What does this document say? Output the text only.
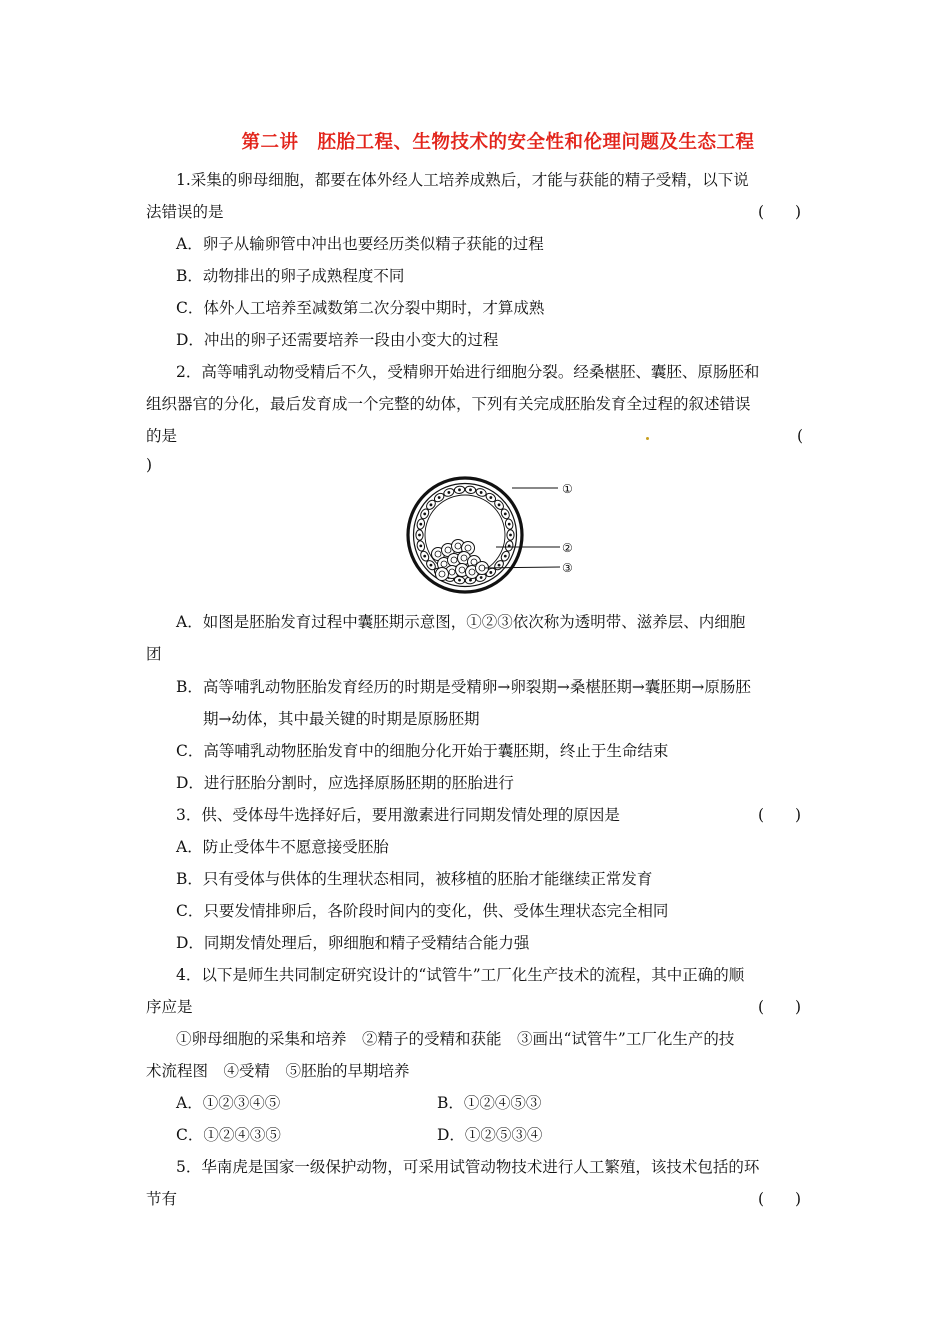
第二讲　胚胎工程、生物技术的安全性和伦理问题及生态工程
1.采集的卵母细胞，都要在体外经人工培养成熟后，才能与获能的精子受精，以下说
法错误的是	(　　)
A．卵子从输卵管中冲出也要经历类似精子获能的过程
B．动物排出的卵子成熟程度不同
C．体外人工培养至减数第二次分裂中期时，才算成熟
D．冲出的卵子还需要培养一段由小变大的过程
2．高等哺乳动物受精后不久，受精卵开始进行细胞分裂。经桑椹胚、囊胚、原肠胚和
组织器官的分化，最后发育成一个完整的幼体，下列有关完成胚胎发育全过程的叙述错误
的是	(
)
①
②
③
A．如图是胚胎发育过程中囊胚期示意图，①②③依次称为透明带、滋养层、内细胞
团
B．高等哺乳动物胚胎发育经历的时期是受精卵→卵裂期→桑椹胚期→囊胚期→原肠胚
期→幼体，其中最关键的时期是原肠胚期
C．高等哺乳动物胚胎发育中的细胞分化开始于囊胚期，终止于生命结束
D．进行胚胎分割时，应选择原肠胚期的胚胎进行
3．供、受体母牛选择好后，要用激素进行同期发情处理的原因是	(　　)
A．防止受体牛不愿意接受胚胎
B．只有受体与供体的生理状态相同，被移植的胚胎才能继续正常发育
C．只要发情排卵后，各阶段时间内的变化，供、受体生理状态完全相同
D．同期发情处理后，卵细胞和精子受精结合能力强
4．以下是师生共同制定研究设计的“试管牛”工厂化生产技术的流程，其中正确的顺
序应是	(　　)
①卵母细胞的采集和培养　②精子的受精和获能　③画出“试管牛”工厂化生产的技
术流程图　④受精　⑤胚胎的早期培养
A．①②③④⑤	B．①②④⑤③
C．①②④③⑤	D．①②⑤③④
5．华南虎是国家一级保护动物，可采用试管动物技术进行人工繁殖，该技术包括的环
节有	(　　)
